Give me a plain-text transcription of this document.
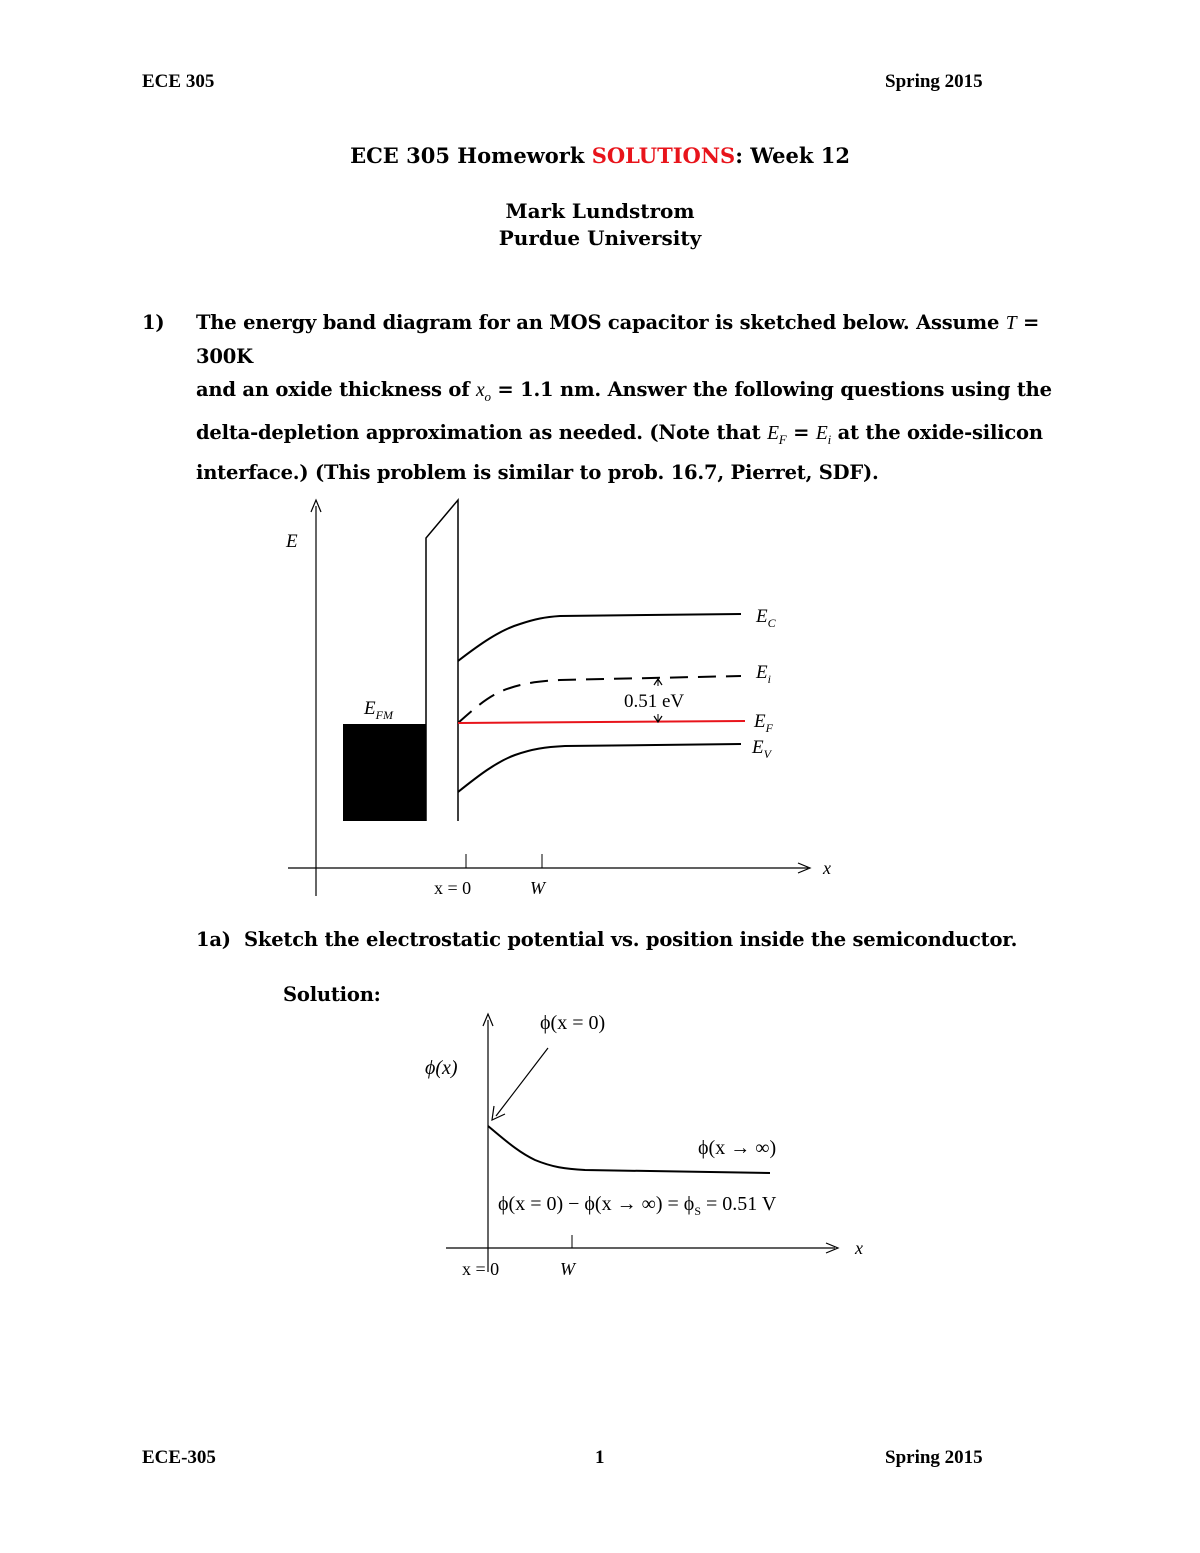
ECE 305	Spring 2015
ECE 305 Homework SOLUTIONS: Week 12
Mark Lundstrom
Purdue University
1) The energy band diagram for an MOS capacitor is sketched below. Assume T = 300K
and an oxide thickness of $x_o = 1.1$ nm. Answer the following questions using the
delta-depletion approximation as needed. (Note that $E_F = E_i$ at the oxide-silicon
interface.) (This problem is similar to prob. 16.7, Pierret, SDF).
E
x
x = 0	W
$E_{FM}$
0.51 eV
$E_C$
$E_i$
$E_F$
$E_V$
1a) Sketch the electrostatic potential vs. position inside the semiconductor.
Solution:
ϕ(x)
x
x = 0	W
ϕ(x = 0)
ϕ(x → ∞)
ϕ(x = 0) − ϕ(x → ∞) = $\phi_S = 0.51$ V
ECE-305	1	Spring 2015
